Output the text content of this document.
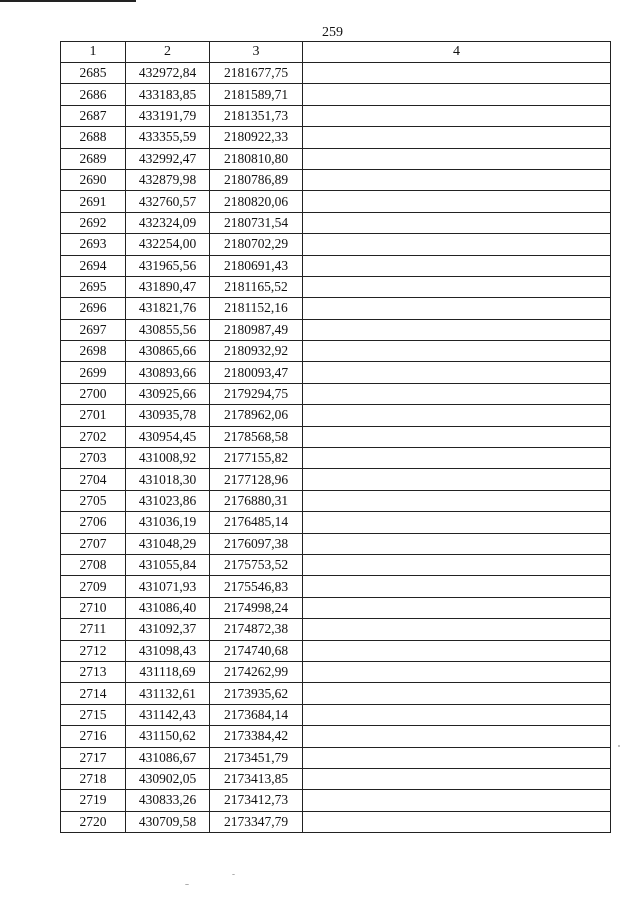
259
1	2	3	4
2685	432972,84	2181677,75	
2686	433183,85	2181589,71	
2687	433191,79	2181351,73	
2688	433355,59	2180922,33	
2689	432992,47	2180810,80	
2690	432879,98	2180786,89	
2691	432760,57	2180820,06	
2692	432324,09	2180731,54	
2693	432254,00	2180702,29	
2694	431965,56	2180691,43	
2695	431890,47	2181165,52	
2696	431821,76	2181152,16	
2697	430855,56	2180987,49	
2698	430865,66	2180932,92	
2699	430893,66	2180093,47	
2700	430925,66	2179294,75	
2701	430935,78	2178962,06	
2702	430954,45	2178568,58	
2703	431008,92	2177155,82	
2704	431018,30	2177128,96	
2705	431023,86	2176880,31	
2706	431036,19	2176485,14	
2707	431048,29	2176097,38	
2708	431055,84	2175753,52	
2709	431071,93	2175546,83	
2710	431086,40	2174998,24	
2711	431092,37	2174872,38	
2712	431098,43	2174740,68	
2713	431118,69	2174262,99	
2714	431132,61	2173935,62	
2715	431142,43	2173684,14	
2716	431150,62	2173384,42	
2717	431086,67	2173451,79	
2718	430902,05	2173413,85	
2719	430833,26	2173412,73	
2720	430709,58	2173347,79	
